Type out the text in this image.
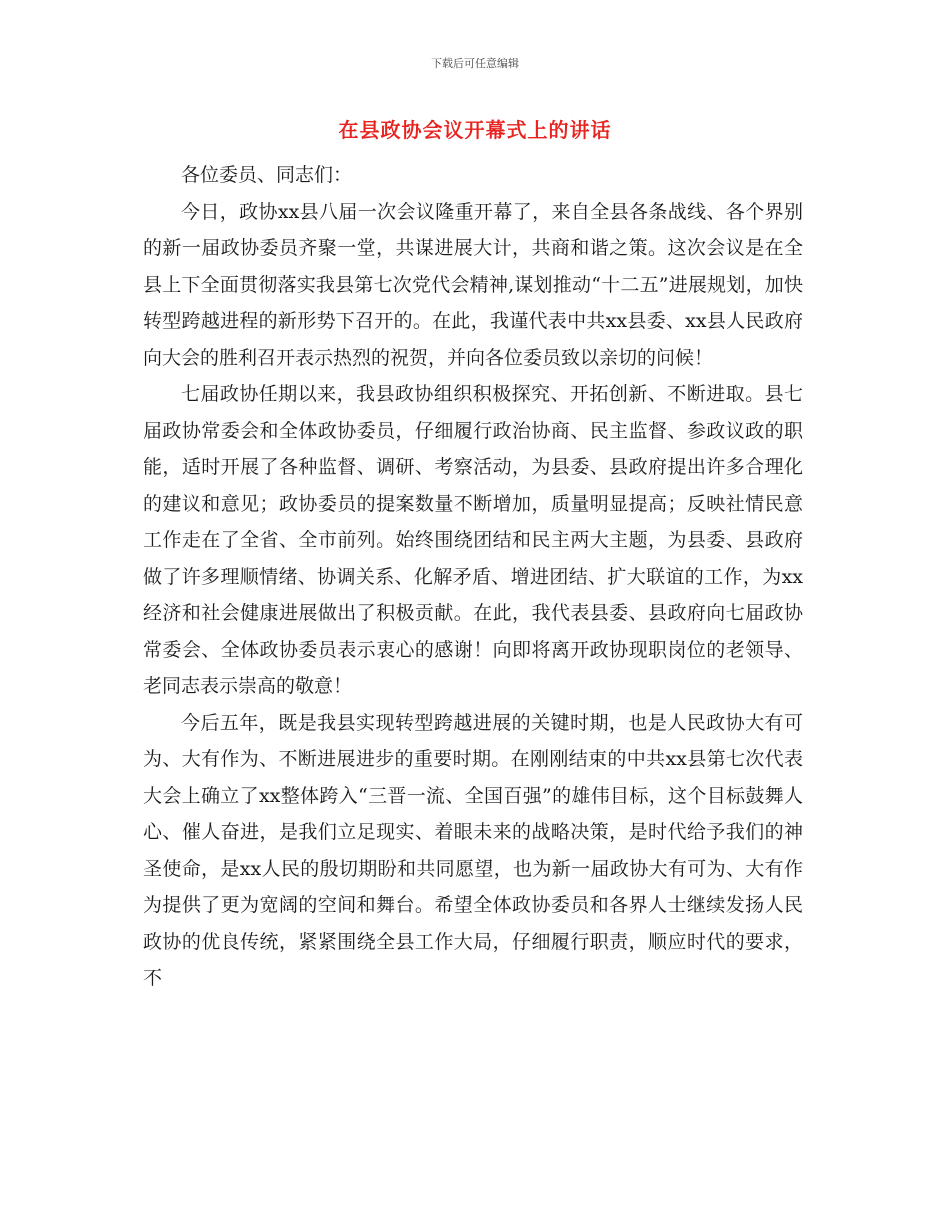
下载后可任意编辑
在县政协会议开幕式上的讲话

各位委员、同志们：

今日，政协xx县八届一次会议隆重开幕了，来自全县各条战线、各个界别的新一届政协委员齐聚一堂，共谋进展大计，共商和谐之策。这次会议是在全县上下全面贯彻落实我县第七次党代会精神,谋划推动“十二五”进展规划，加快转型跨越进程的新形势下召开的。在此，我谨代表中共xx县委、xx县人民政府向大会的胜利召开表示热烈的祝贺，并向各位委员致以亲切的问候！

七届政协任期以来，我县政协组织积极探究、开拓创新、不断进取。县七届政协常委会和全体政协委员，仔细履行政治协商、民主监督、参政议政的职能，适时开展了各种监督、调研、考察活动，为县委、县政府提出许多合理化的建议和意见；政协委员的提案数量不断增加，质量明显提高；反映社情民意工作走在了全省、全市前列。始终围绕团结和民主两大主题，为县委、县政府做了许多理顺情绪、协调关系、化解矛盾、增进团结、扩大联谊的工作，为xx经济和社会健康进展做出了积极贡献。在此，我代表县委、县政府向七届政协常委会、全体政协委员表示衷心的感谢！向即将离开政协现职岗位的老领导、老同志表示崇高的敬意！

今后五年，既是我县实现转型跨越进展的关键时期，也是人民政协大有可为、大有作为、不断进展进步的重要时期。在刚刚结束的中共xx县第七次代表大会上确立了xx整体跨入“三晋一流、全国百强”的雄伟目标，这个目标鼓舞人心、催人奋进，是我们立足现实、着眼未来的战略决策，是时代给予我们的神圣使命，是xx人民的殷切期盼和共同愿望，也为新一届政协大有可为、大有作为提供了更为宽阔的空间和舞台。希望全体政协委员和各界人士继续发扬人民政协的优良传统，紧紧围绕全县工作大局，仔细履行职责，顺应时代的要求，不
